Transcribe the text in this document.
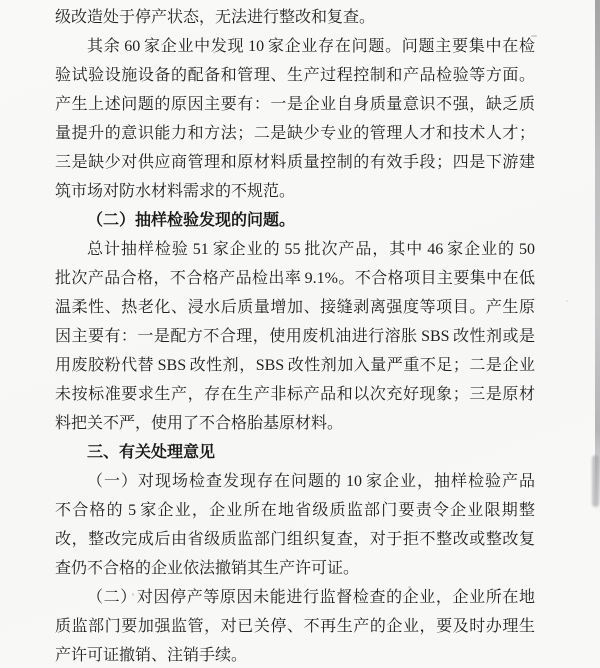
级改造处于停产状态，无法进行整改和复查。
其余 60 家企业中发现 10 家企业存在问题。问题主要集中在检
验试验设施设备的配备和管理、生产过程控制和产品检验等方面。
产生上述问题的原因主要有：一是企业自身质量意识不强，缺乏质
量提升的意识能力和方法；二是缺少专业的管理人才和技术人才；
三是缺少对供应商管理和原材料质量控制的有效手段；四是下游建
筑市场对防水材料需求的不规范。
（二）抽样检验发现的问题。
总计抽样检验 51 家企业的 55 批次产品，其中 46 家企业的 50
批次产品合格，不合格产品检出率 9.1%。不合格项目主要集中在低
温柔性、热老化、浸水后质量增加、接缝剥离强度等项目。产生原
因主要有：一是配方不合理，使用废机油进行溶胀 SBS 改性剂或是
用废胶粉代替 SBS 改性剂，SBS 改性剂加入量严重不足；二是企业
未按标准要求生产，存在生产非标产品和以次充好现象；三是原材
料把关不严，使用了不合格胎基原材料。
三、有关处理意见
（一）对现场检查发现存在问题的 10 家企业，抽样检验产品
不合格的 5 家企业，企业所在地省级质监部门要责令企业限期整
改，整改完成后由省级质监部门组织复查，对于拒不整改或整改复
查仍不合格的企业依法撤销其生产许可证。
（二）对因停产等原因未能进行监督检查的企业，企业所在地
质监部门要加强监管，对已关停、不再生产的企业，要及时办理生
产许可证撤销、注销手续。
